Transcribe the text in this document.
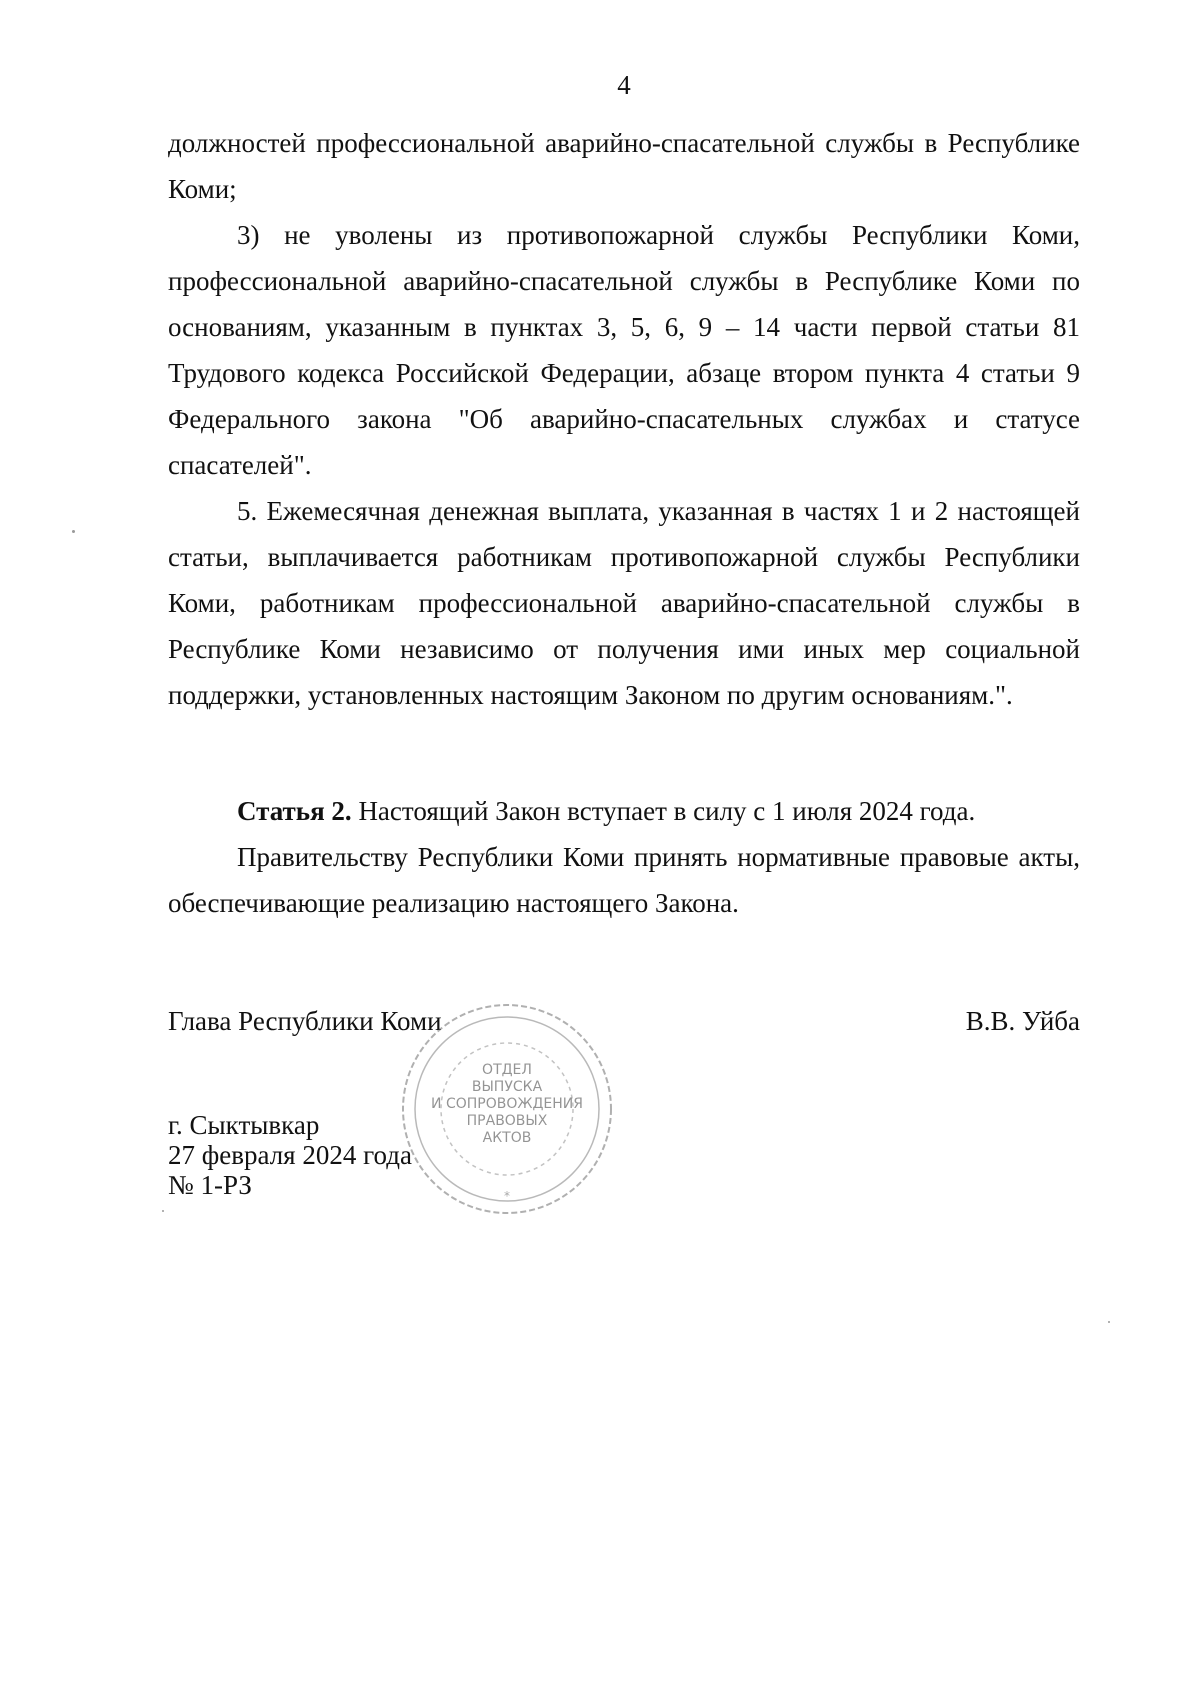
4

должностей профессиональной аварийно-спасательной службы в Республике Коми;

3) не уволены из противопожарной службы Республики Коми, профессиональной аварийно-спасательной службы в Республике Коми по основаниям, указанным в пунктах 3, 5, 6, 9 – 14 части первой статьи 81 Трудового кодекса Российской Федерации, абзаце втором пункта 4 статьи 9 Федерального закона "Об аварийно-спасательных службах и статусе спасателей".

5. Ежемесячная денежная выплата, указанная в частях 1 и 2 настоящей статьи, выплачивается работникам противопожарной службы Республики Коми, работникам профессиональной аварийно-спасательной службы в Республике Коми независимо от получения ими иных мер социальной поддержки, установленных настоящим Законом по другим основаниям.".

Статья 2. Настоящий Закон вступает в силу с 1 июля 2024 года.

Правительству Республики Коми принять нормативные правовые акты, обеспечивающие реализацию настоящего Закона.

Глава Республики Коми	В.В. Уйба
г. Сыктывкар
27 февраля 2024 года
№ 1-РЗ	*
ОТДЕЛ
ВЫПУСКА
И СОПРОВОЖДЕНИЯ
ПРАВОВЫХ
АКТОВ
